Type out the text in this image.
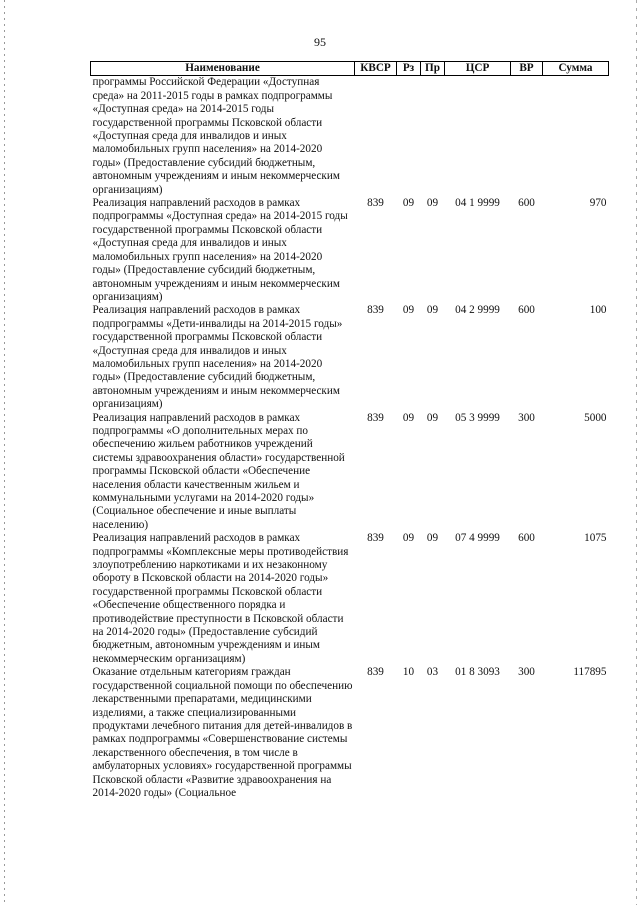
95
Наименование	КВСР	Рз	Пр	ЦСР	ВР	Сумма
программы Российской Федерации «Доступная среда» на 2011-2015 годы в рамках подпрограммы «Доступная среда» на 2014-2015 годы государственной программы Псковской области «Доступная среда для инвалидов и иных маломобильных групп населения» на 2014-2020 годы» (Предоставление субсидий бюджетным, автономным учреждениям и иным некоммерческим организациям)						
Реализация направлений расходов в рамках подпрограммы «Доступная среда» на 2014-2015 годы государственной программы Псковской области «Доступная среда для инвалидов и иных маломобильных групп населения» на 2014-2020 годы» (Предоставление субсидий бюджетным, автономным учреждениям и иным некоммерческим организациям)	839	09	09	04 1 9999	600	970
Реализация направлений расходов в рамках подпрограммы «Дети-инвалиды на 2014-2015 годы» государственной программы Псковской области «Доступная среда для инвалидов и иных маломобильных групп населения» на 2014-2020 годы» (Предоставление субсидий бюджетным, автономным учреждениям и иным некоммерческим организациям)	839	09	09	04 2 9999	600	100
Реализация направлений расходов в рамках подпрограммы «О дополнительных мерах по обеспечению жильем работников учреждений системы здравоохранения области» государственной программы Псковской области «Обеспечение населения области качественным жильем и коммунальными услугами на 2014-2020 годы» (Социальное обеспечение и иные выплаты населению)	839	09	09	05 3 9999	300	5000
Реализация направлений расходов в рамках подпрограммы «Комплексные меры противодействия злоупотреблению наркотиками и их незаконному обороту в Псковской области на 2014-2020 годы» государственной программы Псковской области «Обеспечение общественного порядка и противодействие преступности в Псковской области на 2014-2020 годы» (Предоставление субсидий бюджетным, автономным учреждениям и иным некоммерческим организациям)	839	09	09	07 4 9999	600	1075
Оказание отдельным категориям граждан государственной социальной помощи по обеспечению лекарственными препаратами, медицинскими изделиями, а также специализированными продуктами лечебного питания для детей-инвалидов в рамках подпрограммы «Совершенствование системы лекарственного обеспечения, в том числе в амбулаторных условиях» государственной программы Псковской области «Развитие здравоохранения на 2014-2020 годы» (Социальное	839	10	03	01 8 3093	300	117895
